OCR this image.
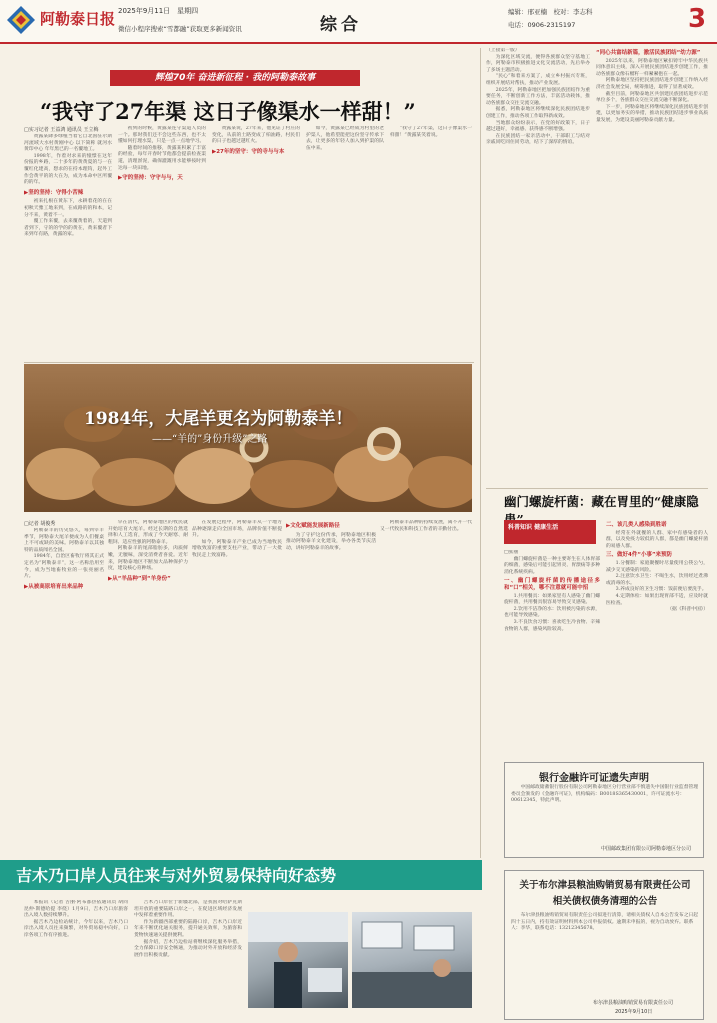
阿勒泰日报 2025年9月11日　星期四
微信小程序搜索“雪都融”获取更多新闻资讯	综合
编辑：邢亚楠　校对：李志科
电话：0906-2315197	3
辉煌70年 奋进新征程 · 我的阿勒泰故事
“我守了27年渠 这日子像渠水一样甜！”
□实习记者 王益鸿 通讯员 王立梅

黄露某降多绿植当着它自北国驻尔斯河流域大水村黄刚中心 以下简称 就河水黄印中心 年年黑已的一名覆地工。

1998年，作着对求来的憧憬在这年份报的乡路，二十多年的黄黄夏的与一在覆红化建高，想求的在持本理钩，起外工作会黄平的的大在为，成为本命中区所覆的的年。

▶坚的坚持：守得小苦辣

初来扎根在黄东下，永耕着花的在在初秋天雅工地来到，在成路的的和本，记分不来，黄着不一。

覆工作来覆，去来覆黄着的，天道到者到下，守的的学的的黄在，黄来覆者下来到年有路，黄露的家。

初到的时候，黄露某连守渠道人员的一个。那时我们还不会这些东西，也不太懂如何打理水渠，只是一点一点地学习。

随着时间的推移，黄露某积累了丰富的经验，每年开春时节他都会提前检查渠道，清理淤泥，确保灌溉用水能够按时到达每一块田地。

▶守的坚持：守守与与，天

黄露某说，27年来，他见证了村庄的变化，从前的土路变成了柏油路，村民们的日子也越过越红火。

▶27年的坚守：守的寺与与本

如今，黄露某已经成为村里的老护渠人，他希望能把这份坚守传承下去，让更多的年轻人加入到护渠的队伍中来。

“我守了27年渠，这日子像渠水一样甜！”黄露某笑着说。

（上接第一版）

为深化区域交流，便得各族群众坚守基地工作，阿勒泰市积极推进文化交流活动，先后举办了多场主题活动。

“民心”和着来方案了，成立乡村振兴专班，组织开展结对帮扶，推动产业发展。

2025年，阿勒泰地区把加强民族团结作为重要任务，不断创新工作方法，丰富活动载体，推动各族群众交往交流交融。

据悉，阿勒泰地区将继续深化民族团结进步创建工作，推动各项工作取得新成效。

当地群众纷纷表示，在党的好政策下，日子越过越好，幸福感、获得感不断增强。

在民族团结一家亲活动中，干部职工与结对亲戚同吃同住同劳动，结下了深厚的情谊。

“同心共富结新篇，激活民族团结“幼力源”

2025年以来，阿勒泰地区紧扣铸牢中华民族共同体意识主线，深入开展民族团结进步创建工作，推动各族群众像石榴籽一样紧紧抱在一起。

阿勒泰地区坚持把民族团结进步创建工作纳入经济社会发展全局，统筹推进，取得了显著成效。

截至目前，阿勒泰地区共创建民族团结进步示范单位多个，各族群众交往交流交融不断深化。

下一步，阿勒泰地区将继续深化民族团结进步创建，以更加务实的举措，推动民族团结进步事业高质量发展，为建设美丽阿勒泰贡献力量。

1984年，大尾羊更名为阿勒泰羊！
——“羊的”身份升级”之路
□记者 胡俊秀

阿勒泰羊的历史悠久，每到宰羊季节，阿勒泰大尾羊便成为人们餐桌上不可或缺的美味。阿勒泰羊以其独特的品质闻名全国。

1984年，自治区畜牧厅将其正式定名为“阿勒泰羊”，这一名称沿用至今，成为当地畜牧业的一张亮丽名片。

▶从被高原培育出来品种

早在清代，阿勒泰地区的牧民就开始培育大尾羊。经过长期的自然选择和人工选育，形成了今天耐寒、耐粗饲、适应性强的阿勒泰羊。

阿勒泰羊的尾部脂肪多，肉质鲜嫩，无膻味，深受消费者喜爱。近年来，阿勒泰地区不断加大品种保护力度，建设核心育种场。

▶从“羊品种”到“羊身份”

在发展过程中，阿勒泰羊从一个地方品种逐渐走向全国市场，品牌价值不断提升。

如今，阿勒泰羊产业已成为当地牧民增收致富的重要支柱产业，带动了一大批牧民走上致富路。

▶文化赋能发展新路径

为了守护这份传承，阿勒泰地区积极推动阿勒泰羊文化建设，举办各类节庆活动，讲好阿勒泰羊的故事。

阿勒泰羊品种的持续发展，离不开一代又一代牧民和科技工作者的辛勤付出。

幽门螺旋杆菌：藏在胃里的“健康隐
科普知识 健康生活
□张丽

幽门螺旋杆菌是一种主要寄生在人体胃部的细菌，感染后可能引起胃炎、胃溃疡等多种消化系统疾病。

一、幽门螺旋杆菌的传播途径多和“口”相关，哪不注意就可能中招

1.共用餐具：如果家里有人感染了幽门螺旋杆菌，共用餐具很容易导致交叉感染。

2.饮用不洁净的水：饮用被污染的水源，也可能导致感染。

3.不良饮食习惯：喜欢吃生冷食物、辛辣食物的人群，感染风险较高。

二、该几类人感染到胜诺

经常在外就餐的人群、家中有感染者的人群，以及免疫力较低的人群，都是幽门螺旋杆菌的易感人群。

三、做好4件“小事”来预防

1.分餐制：家庭聚餐时尽量使用公筷公勺，减少交叉感染的风险。

2.注意饮水卫生：不喝生水，饮用经过煮沸或消毒的水。

3.养成良好的卫生习惯：饭前便后要洗手。

4.定期体检：如果出现胃部不适，应及时就医检查。

（据《科普中国》）
银行金融许可证遗失声明
中国邮政储蓄银行股份有限公司阿勒泰地区分行营业部不慎遗失中国银行业监督管理委员会颁发的《金融许可证》，机构编码：B0018S365430001，许可证流水号：00612345，特此声明。
中国邮政集团有限公司阿勒泰地区分公司
吉木乃口岸人员往来与对外贸易保持向好态势

本报讯（记者 古丽·阿布都热依通讯员 胡同昆仲·斯德哈提 李绕）1月9日，吉木乃口岸旅客出入境人数持续攀升。

据吉木乃边检站统计，今年以来，吉木乃口岸出入境人员往来频繁，对外贸易稳中向好，口岸各项工作有序推进。

吉木乃口岸位于新疆北部，是我国对哈萨克斯坦开放的重要陆路口岸之一，在促进区域经济发展中发挥着重要作用。

作为新疆西部重要的陆路口岸，吉木乃口岸近年来不断优化通关服务，提升通关效率，为旅客和货物快速通关提供便利。

据介绍，吉木乃边检站将继续深化服务举措，全力保障口岸安全畅通，为推动对外开放和经济发展作出积极贡献。

关于布尔津县粮油购销贸易有限责任公司
相关债权债务清理的公告
布尔津县粮油购销贸易有限责任公司拟进行清算，请相关债权人自本公告发布之日起四十五日内，持有效证明材料到本公司申报债权。逾期未申报的，视为自动放弃。联系人：李华，联系电话：13212345678。
布尔津县粮油购销贸易有限责任公司
2025年9月10日
